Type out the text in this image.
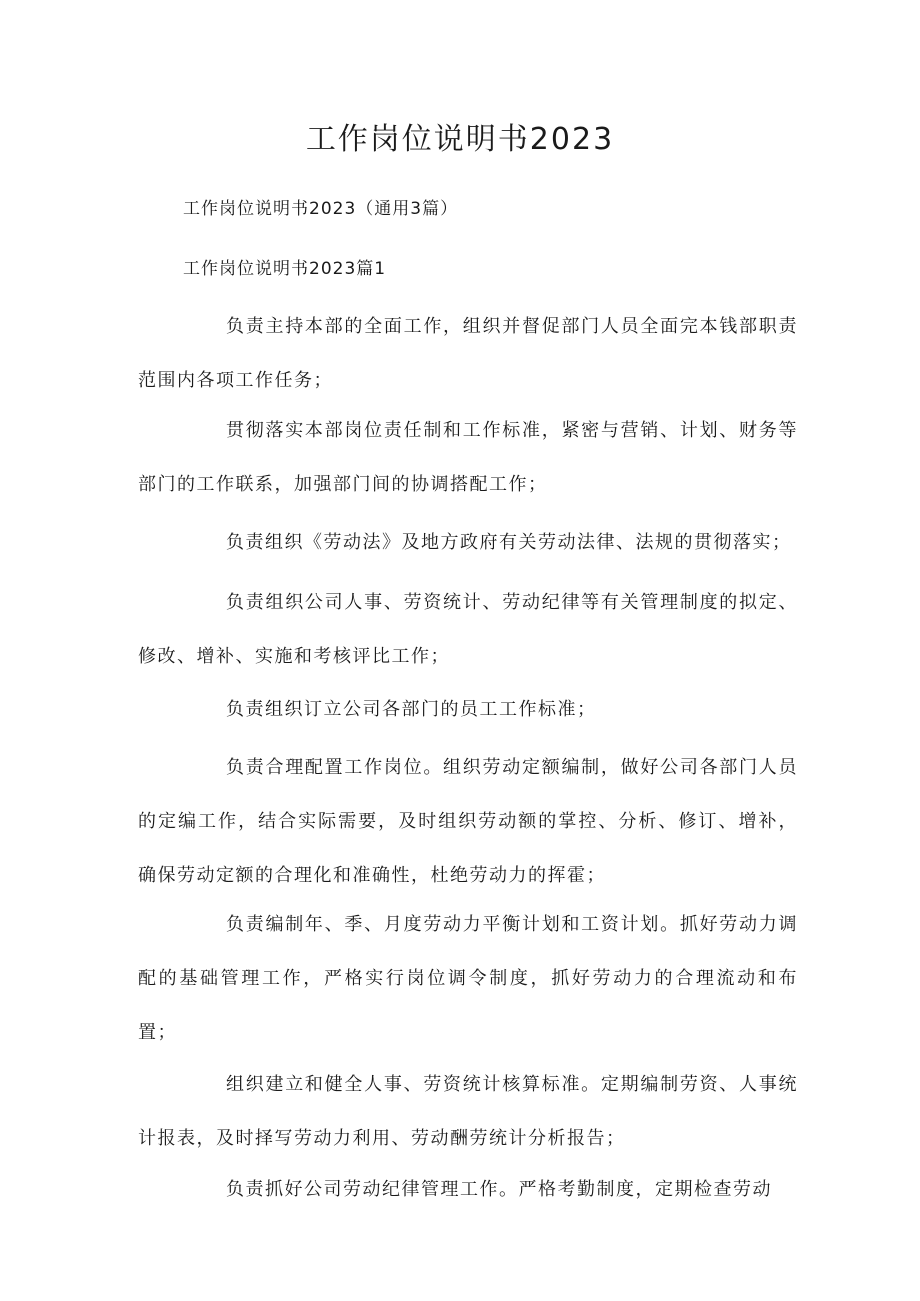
工作岗位说明书2023
工作岗位说明书2023（通用3篇）
工作岗位说明书2023篇1

负责主持本部的全面工作，组织并督促部门人员全面完本钱部职责范围内各项工作任务；

贯彻落实本部岗位责任制和工作标准，紧密与营销、计划、财务等部门的工作联系，加强部门间的协调搭配工作；

负责组织《劳动法》及地方政府有关劳动法律、法规的贯彻落实；

负责组织公司人事、劳资统计、劳动纪律等有关管理制度的拟定、修改、增补、实施和考核评比工作；

负责组织订立公司各部门的员工工作标准；

负责合理配置工作岗位。组织劳动定额编制，做好公司各部门人员的定编工作，结合实际需要，及时组织劳动额的掌控、分析、修订、增补，确保劳动定额的合理化和准确性，杜绝劳动力的挥霍；

负责编制年、季、月度劳动力平衡计划和工资计划。抓好劳动力调配的基础管理工作，严格实行岗位调令制度，抓好劳动力的合理流动和布置；

组织建立和健全人事、劳资统计核算标准。定期编制劳资、人事统计报表，及时择写劳动力利用、劳动酬劳统计分析报告；

负责抓好公司劳动纪律管理工作。严格考勤制度，定期检查劳动
